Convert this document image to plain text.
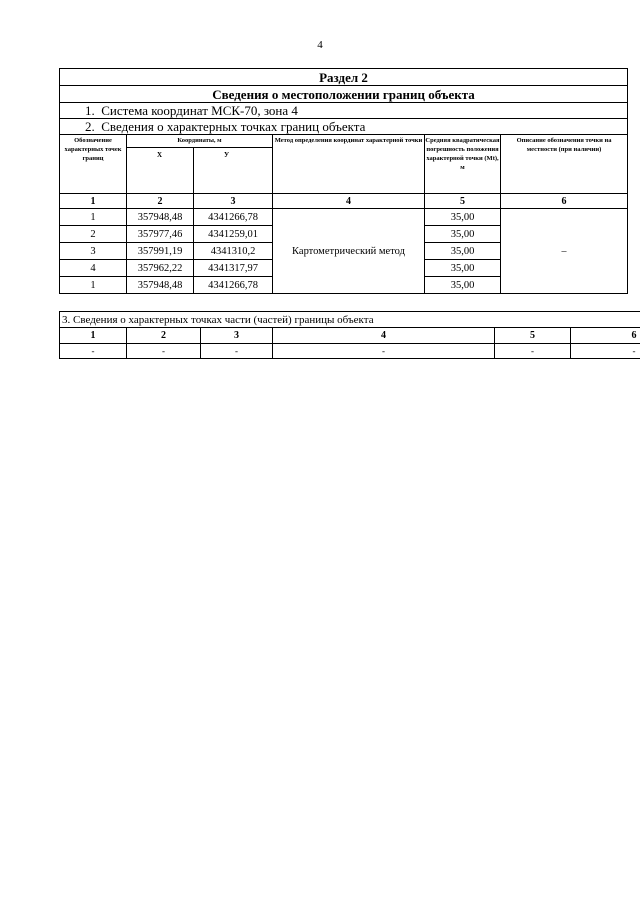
4
Раздел 2					
Сведения о местоположении границ объекта					
1. Система координат МСК-70, зона 4					
2. Сведения о характерных точках границ объекта					
Обозначение характерных точек границ	Координаты, м		Метод определения координат характерной точки	Средняя квадратическая погрешность положения характерной точки (Мt), м	Описание обозначения точки на местности (при наличии)
	X	У			
1	2	3	4	5	6
1	357948,48	4341266,78	Картометрический метод	35,00	–
2	357977,46	4341259,01		35,00	
3	357991,19	4341310,2		35,00	
4	357962,22	4341317,97		35,00	
1	357948,48	4341266,78		35,00	
3. Сведения о характерных точках части (частей) границы объекта					
1	2	3	4	5	6
-	-	-	-	-	-
